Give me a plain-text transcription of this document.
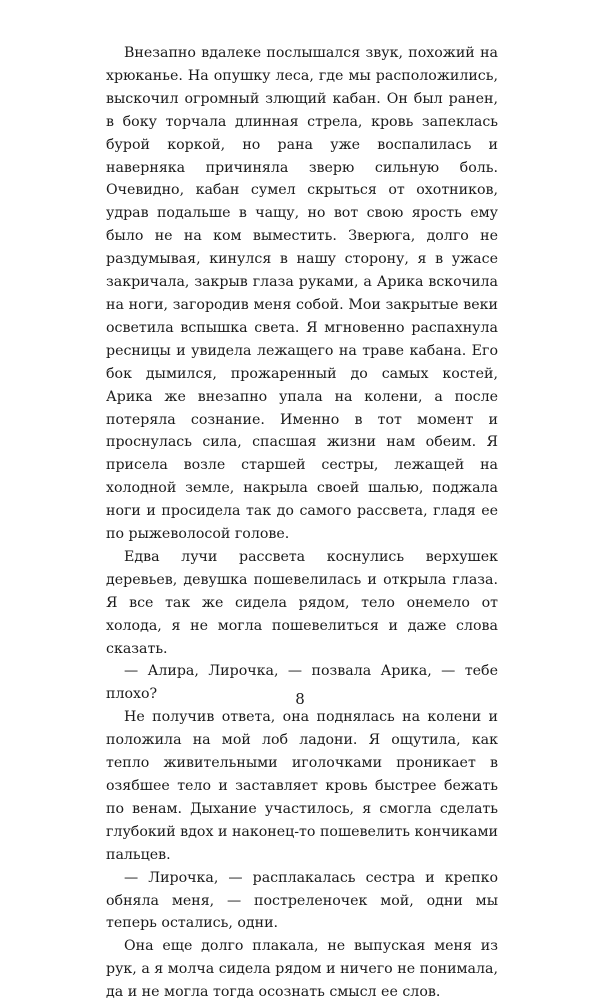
Внезапно вдалеке послышался звук, похожий на хрюканье. На опушку леса, где мы расположились, выскочил огромный злющий кабан. Он был ранен, в боку торчала длинная стрела, кровь запеклась бурой коркой, но рана уже воспалилась и наверняка причиняла зверю сильную боль. Очевидно, кабан сумел скрыться от охотников, удрав подальше в чащу, но вот свою ярость ему было не на ком выместить. Зверюга, долго не раздумывая, кинулся в нашу сторону, я в ужасе закричала, закрыв глаза руками, а Арика вскочила на ноги, загородив меня собой. Мои закрытые веки осветила вспышка света. Я мгновенно распахнула ресницы и увидела лежащего на траве кабана. Его бок дымился, прожаренный до самых костей, Арика же внезапно упала на колени, а после потеряла сознание. Именно в тот момент и проснулась сила, спасшая жизни нам обеим. Я присела возле старшей сестры, лежащей на холодной земле, накрыла своей шалью, поджала ноги и просидела так до самого рассвета, гладя ее по рыжеволосой голове.

Едва лучи рассвета коснулись верхушек деревьев, девушка пошевелилась и открыла глаза. Я все так же сидела рядом, тело онемело от холода, я не могла пошевелиться и даже слова сказать.

— Алира, Лирочка, — позвала Арика, — тебе плохо?

Не получив ответа, она поднялась на колени и положила на мой лоб ладони. Я ощутила, как тепло живительными иголочками проникает в озябшее тело и заставляет кровь быстрее бежать по венам. Дыхание участилось, я смогла сделать глубокий вдох и наконец-то пошевелить кончиками пальцев.

— Лирочка, — расплакалась сестра и крепко обняла меня, — постреленочек мой, одни мы теперь остались, одни.

Она еще долго плакала, не выпуская меня из рук, а я молча сидела рядом и ничего не понимала, да и не могла тогда осознать смысл ее слов.

8
